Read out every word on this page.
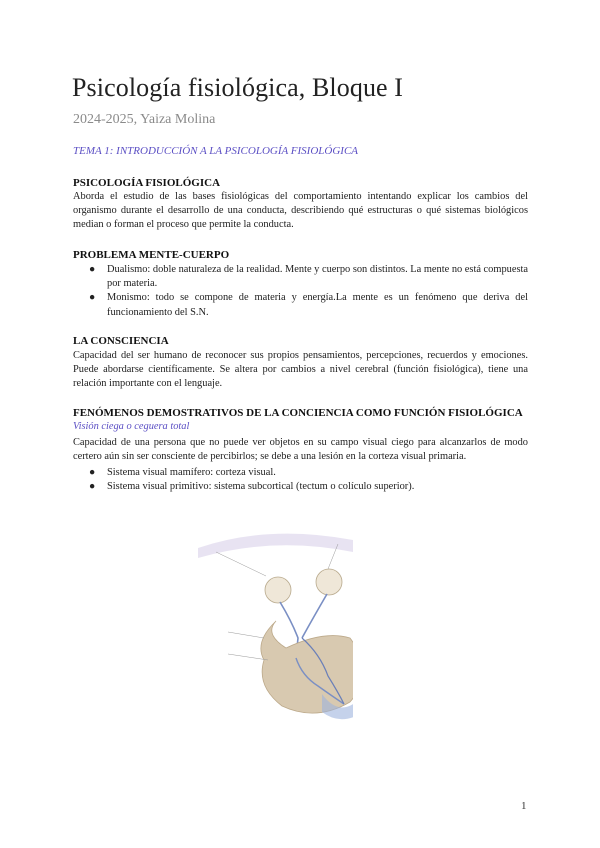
Psicología fisiológica, Bloque I
2024-2025, Yaiza Molina
TEMA 1: INTRODUCCIÓN A LA PSICOLOGÍA FISIOLÓGICA
PSICOLOGÍA FISIOLÓGICA
Aborda el estudio de las bases fisiológicas del comportamiento intentando explicar los cambios del organismo durante el desarrollo de una conducta, describiendo qué estructuras o qué sistemas biológicos median o forman el proceso que permite la conducta.
PROBLEMA MENTE-CUERPO
● Dualismo: doble naturaleza de la realidad. Mente y cuerpo son distintos. La mente no está compuesta por materia.
● Monismo: todo se compone de materia y energía.La mente es un fenómeno que deriva del funcionamiento del S.N.
LA CONSCIENCIA
Capacidad del ser humano de reconocer sus propios pensamientos, percepciones, recuerdos y emociones. Puede abordarse científicamente. Se altera por cambios a nivel cerebral (función fisiológica), tiene una relación importante con el lenguaje.
FENÓMENOS DEMOSTRATIVOS DE LA CONCIENCIA COMO FUNCIÓN FISIOLÓGICA
Visión ciega o ceguera total
Capacidad de una persona que no puede ver objetos en su campo visual ciego para alcanzarlos de modo certero aún sin ser consciente de percibirlos; se debe a una lesión en la corteza visual primaria.
● Sistema visual mamífero: corteza visual.
● Sistema visual primitivo: sistema subcortical (tectum o colículo superior).
1
